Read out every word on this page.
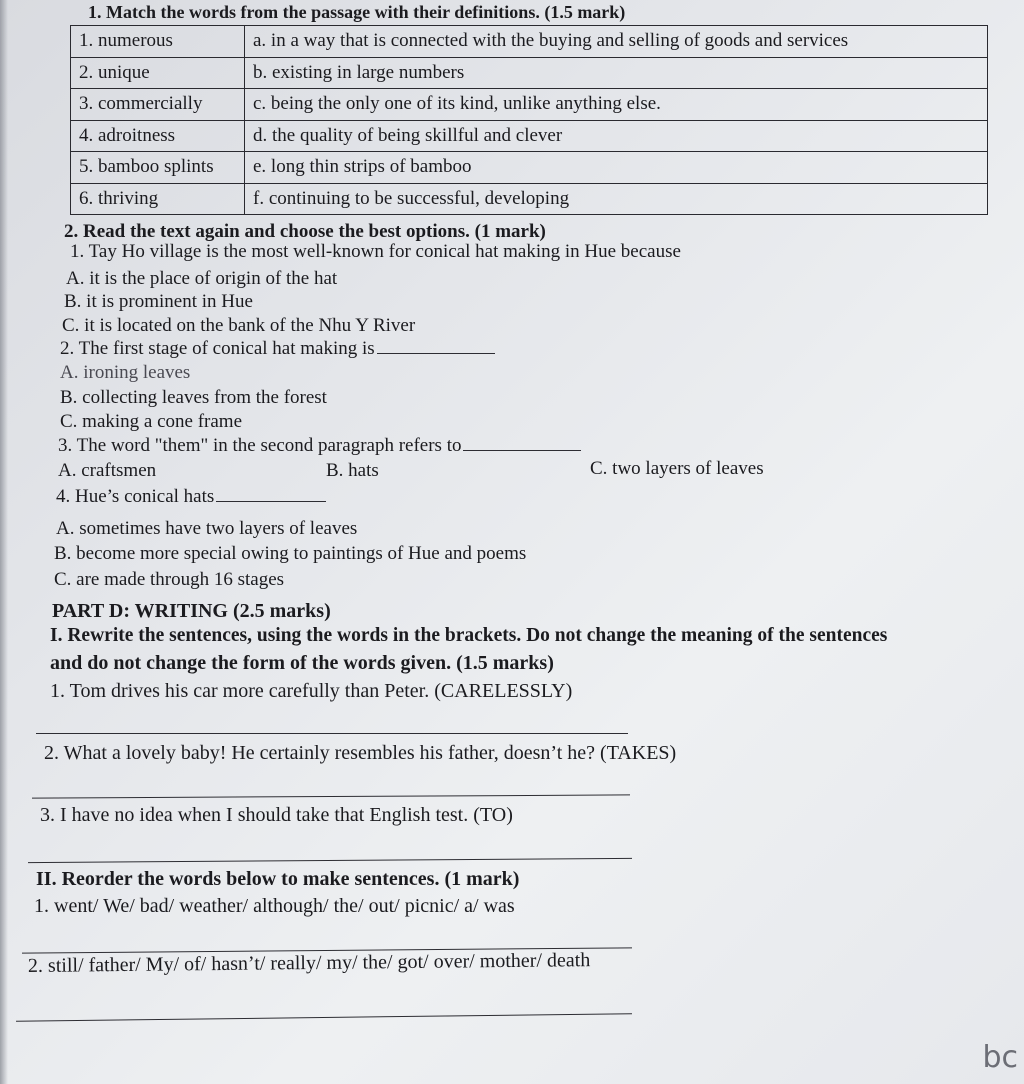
1. Match the words from the passage with their definitions. (1.5 mark)
1. numerous	a. in a way that is connected with the buying and selling of goods and services
2. unique	b. existing in large numbers
3. commercially	c. being the only one of its kind, unlike anything else.
4. adroitness	d. the quality of being skillful and clever
5. bamboo splints	e. long thin strips of bamboo
6. thriving	f. continuing to be successful, developing
2. Read the text again and choose the best options. (1 mark)
1. Tay Ho village is the most well-known for conical hat making in Hue because
A. it is the place of origin of the hat
B. it is prominent in Hue
C. it is located on the bank of the Nhu Y River
2. The first stage of conical hat making is
A. ironing leaves
B. collecting leaves from the forest
C. making a cone frame
3. The word "them" in the second paragraph refers to
A. craftsmen	B. hats	C. two layers of leaves
4. Hue’s conical hats
A. sometimes have two layers of leaves
B. become more special owing to paintings of Hue and poems
C. are made through 16 stages
PART D: WRITING (2.5 marks)
I. Rewrite the sentences, using the words in the brackets. Do not change the meaning of the sentences
and do not change the form of the words given. (1.5 marks)
1. Tom drives his car more carefully than Peter. (CARELESSLY)
2. What a lovely baby! He certainly resembles his father, doesn’t he? (TAKES)
3. I have no idea when I should take that English test. (TO)
II. Reorder the words below to make sentences. (1 mark)
1. went/ We/ bad/ weather/ although/ the/ out/ picnic/ a/ was
2. still/ father/ My/ of/ hasn’t/ really/ my/ the/ got/ over/ mother/ death
bc
